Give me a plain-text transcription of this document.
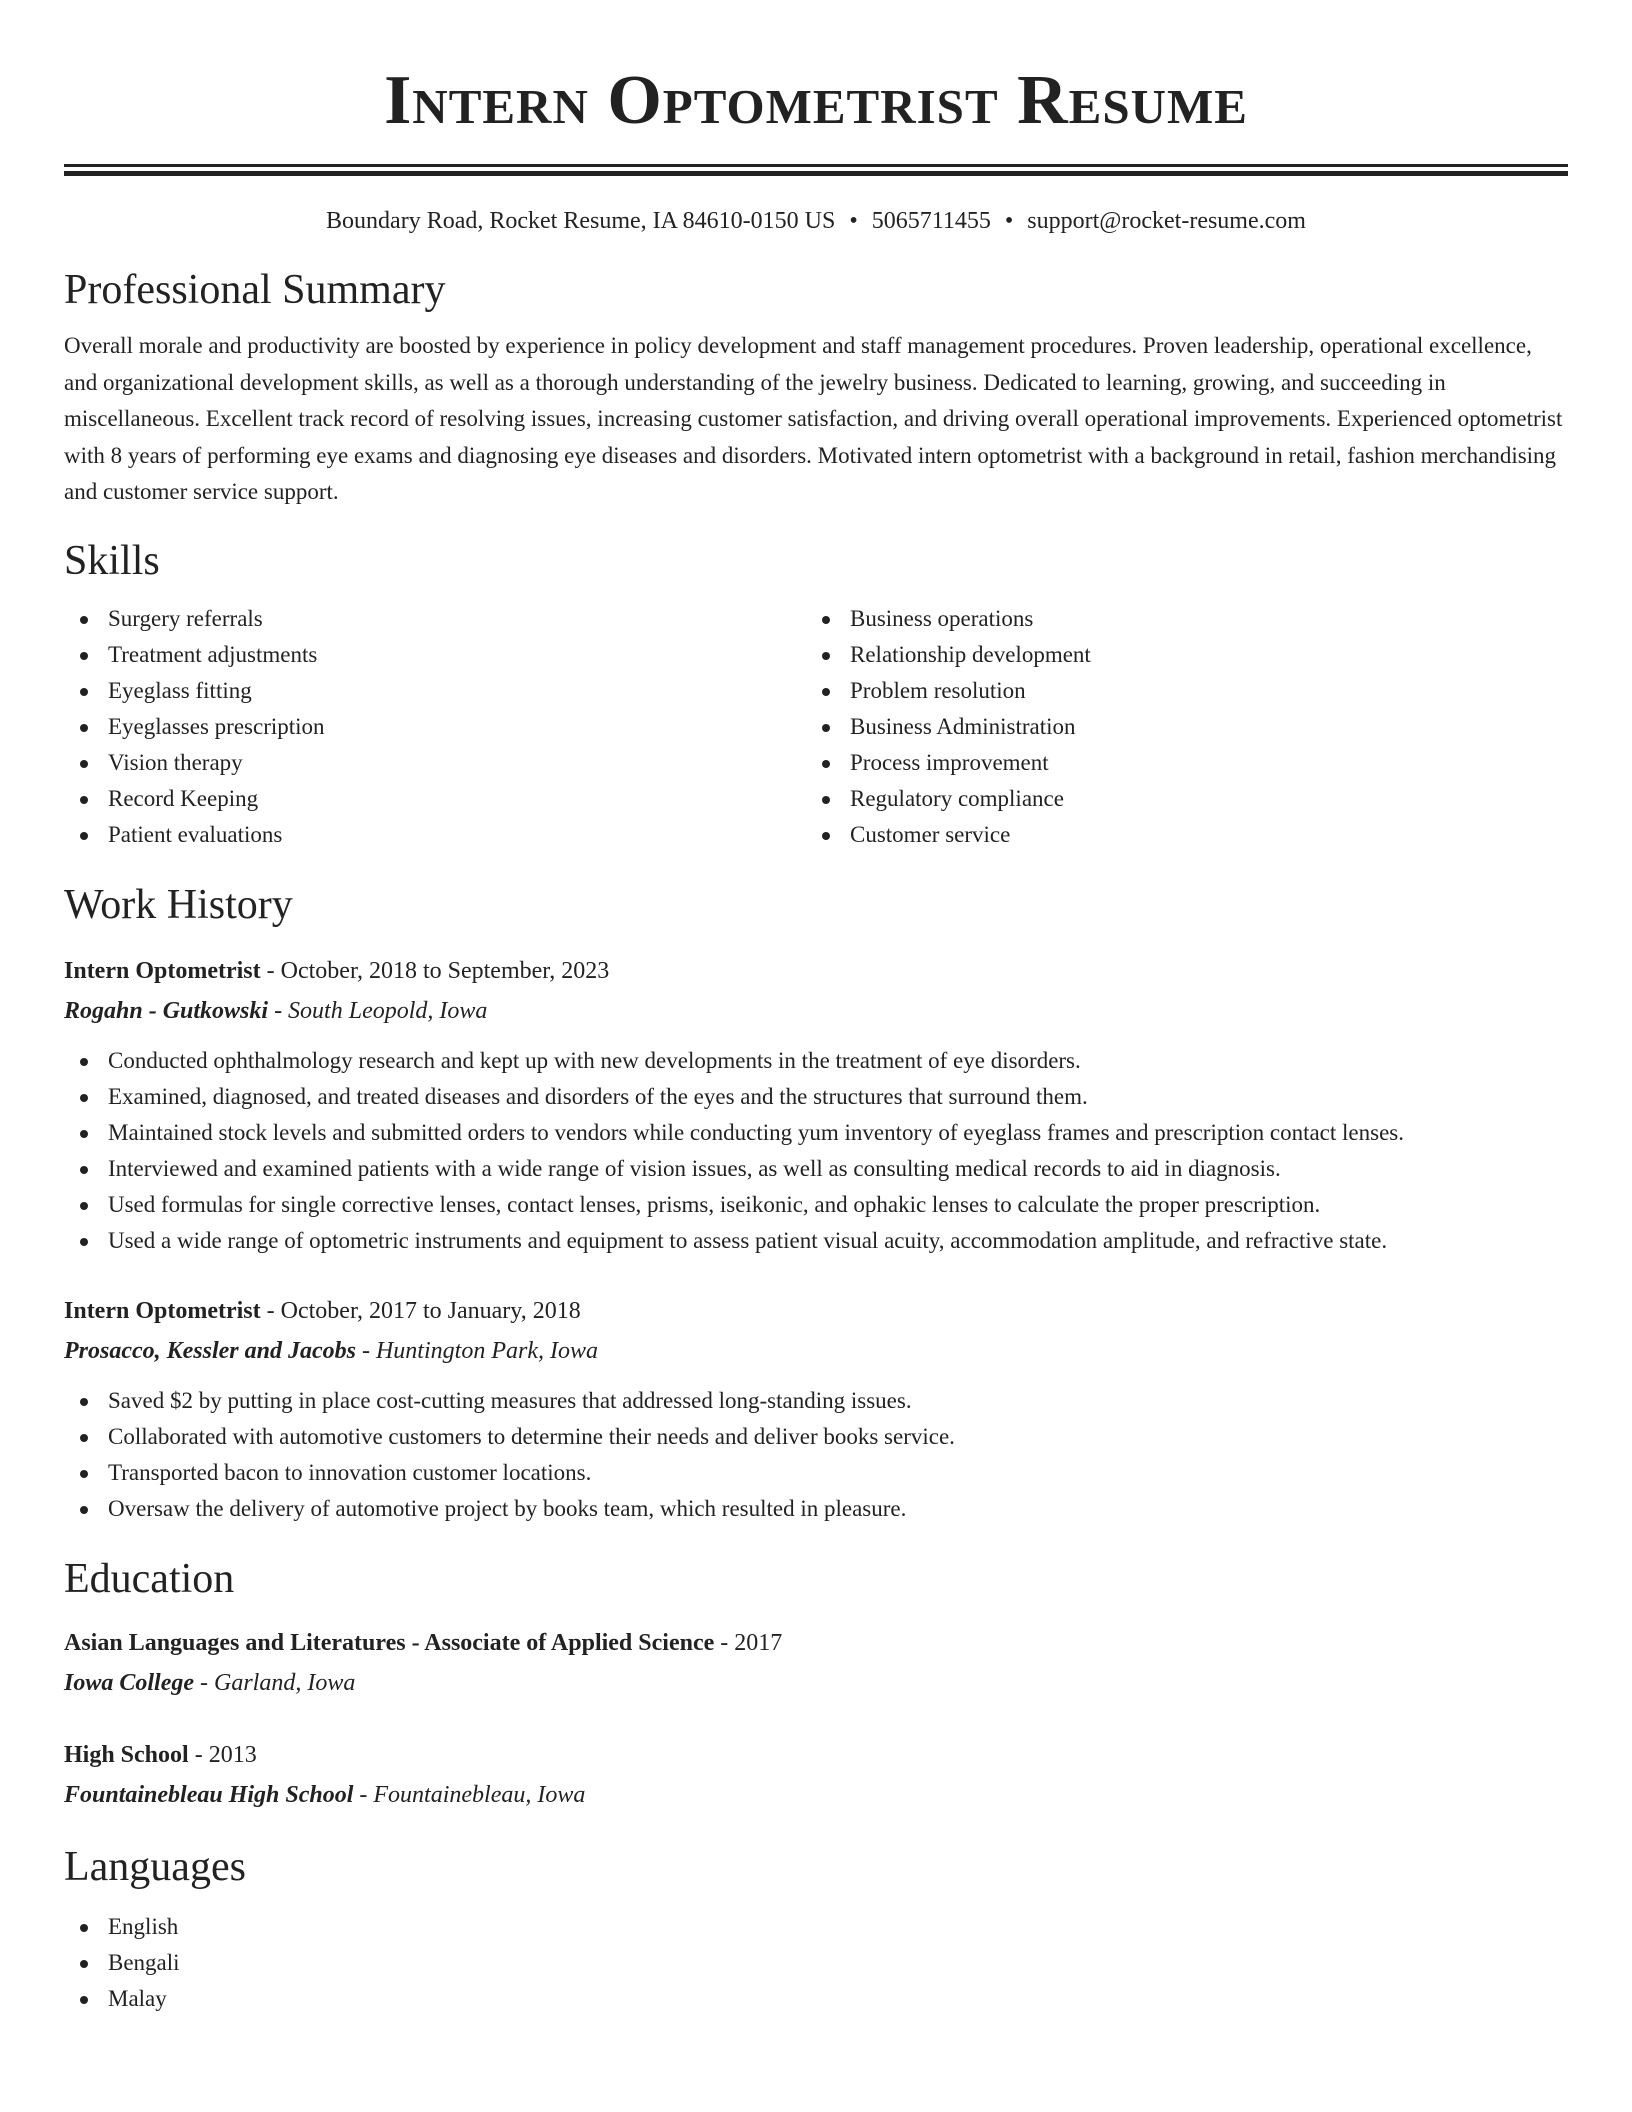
Intern Optometrist Resume
Boundary Road, Rocket Resume, IA 84610-0150 US • 5065711455 • support@rocket-resume.com
Professional Summary

Overall morale and productivity are boosted by experience in policy development and staff management procedures. Proven leadership, operational excellence, and organizational development skills, as well as a thorough understanding of the jewelry business. Dedicated to learning, growing, and succeeding in miscellaneous. Excellent track record of resolving issues, increasing customer satisfaction, and driving overall operational improvements. Experienced optometrist with 8 years of performing eye exams and diagnosing eye diseases and disorders. Motivated intern optometrist with a background in retail, fashion merchandising and customer service support.

Skills
Surgery referrals
Treatment adjustments
Eyeglass fitting
Eyeglasses prescription
Vision therapy
Record Keeping
Patient evaluations
Business operations
Relationship development
Problem resolution
Business Administration
Process improvement
Regulatory compliance
Customer service
Work History
Intern Optometrist - October, 2018 to September, 2023
Rogahn - Gutkowski - South Leopold, Iowa
Conducted ophthalmology research and kept up with new developments in the treatment of eye disorders.
Examined, diagnosed, and treated diseases and disorders of the eyes and the structures that surround them.
Maintained stock levels and submitted orders to vendors while conducting yum inventory of eyeglass frames and prescription contact lenses.
Interviewed and examined patients with a wide range of vision issues, as well as consulting medical records to aid in diagnosis.
Used formulas for single corrective lenses, contact lenses, prisms, iseikonic, and ophakic lenses to calculate the proper prescription.
Used a wide range of optometric instruments and equipment to assess patient visual acuity, accommodation amplitude, and refractive state.
Intern Optometrist - October, 2017 to January, 2018
Prosacco, Kessler and Jacobs - Huntington Park, Iowa
Saved $2 by putting in place cost-cutting measures that addressed long-standing issues.
Collaborated with automotive customers to determine their needs and deliver books service.
Transported bacon to innovation customer locations.
Oversaw the delivery of automotive project by books team, which resulted in pleasure.
Education
Asian Languages and Literatures - Associate of Applied Science - 2017
Iowa College - Garland, Iowa
High School - 2013
Fountainebleau High School - Fountainebleau, Iowa
Languages
English
Bengali
Malay
